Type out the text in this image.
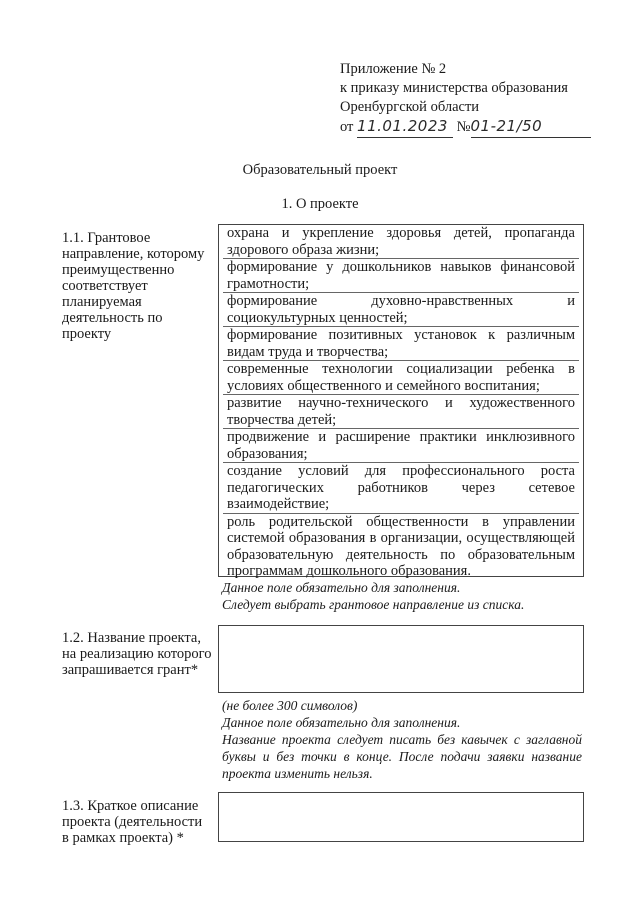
Приложение № 2
к приказу министерства образования
Оренбургской области
от 11.01.2023 №01-21/50
Образовательный проект
1. О проекте
1.1. Грантовое направление, которому преимущественно соответствует планируемая деятельность по проекту
охрана и укрепление здоровья детей, пропаганда
здорового образа жизни;
формирование у дошкольников навыков финансовой
грамотности;
формирование духовно-нравственных и
социокультурных ценностей;
формирование позитивных установок к различным
видам труда и творчества;
современные технологии социализации ребенка в
условиях общественного и семейного воспитания;
развитие научно-технического и художественного
творчества детей;
продвижение и расширение практики инклюзивного
образования;
создание условий для профессионального роста
педагогических работников через сетевое
взаимодействие;
роль родительской общественности в управлении
системой образования в организации, осуществляющей
образовательную деятельность по образовательным
программам дошкольного образования.
Данное поле обязательно для заполнения.
Следует выбрать грантовое направление из списка.
1.2. Название проекта, на реализацию которого запрашивается грант*
(не более 300 символов)
Данное поле обязательно для заполнения.
Название проекта следует писать без кавычек с заглавной буквы и без точки в конце. После подачи заявки название проекта изменить нельзя.
1.3. Краткое описание проекта (деятельности в рамках проекта) *
